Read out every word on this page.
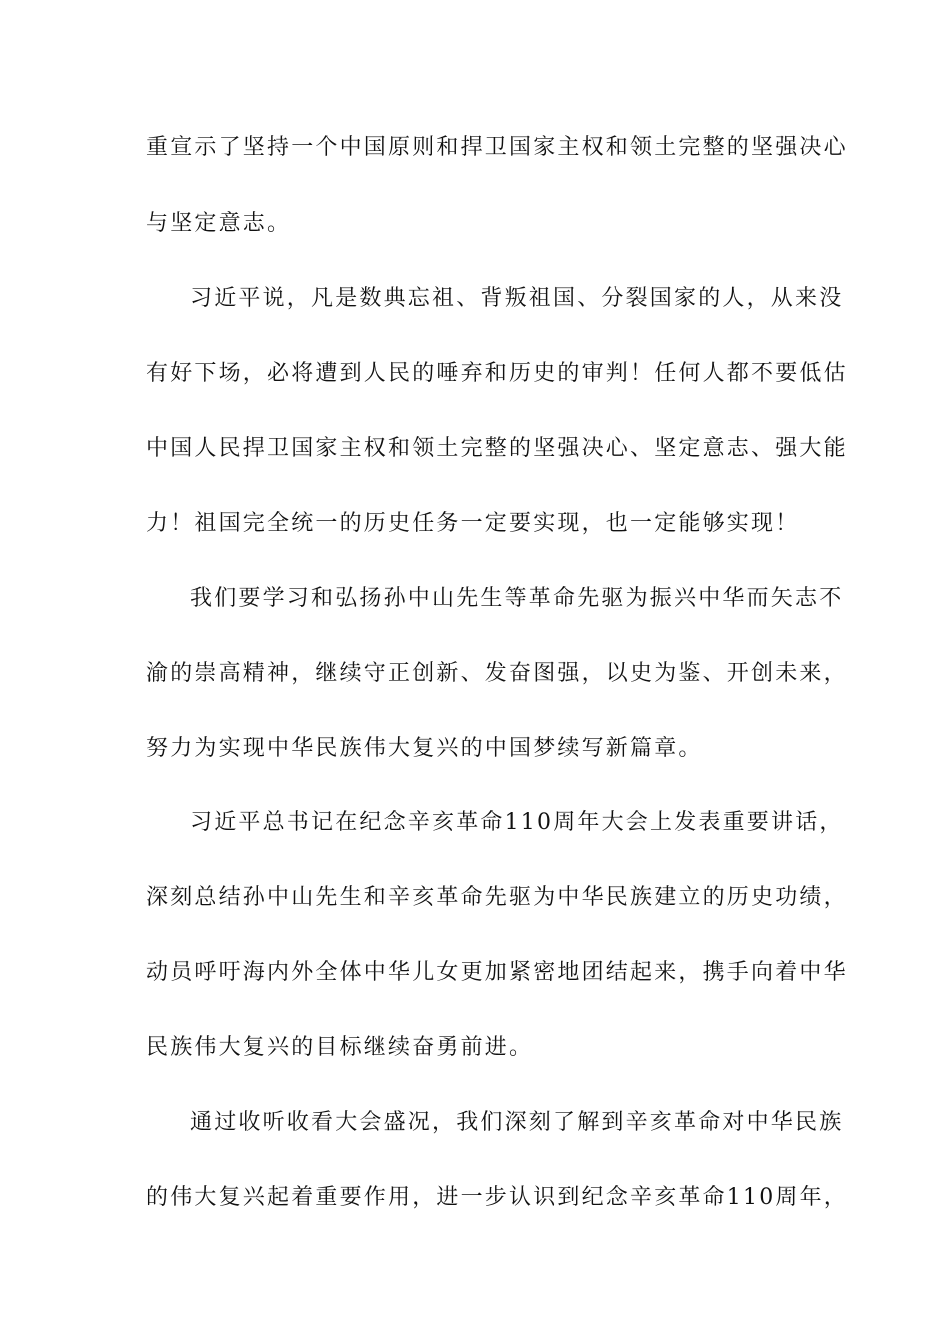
重宣示了坚持一个中国原则和捍卫国家主权和领土完整的坚强决心
与坚定意志。
习近平说，凡是数典忘祖、背叛祖国、分裂国家的人，从来没
有好下场，必将遭到人民的唾弃和历史的审判！任何人都不要低估
中国人民捍卫国家主权和领土完整的坚强决心、坚定意志、强大能
力！祖国完全统一的历史任务一定要实现，也一定能够实现！
我们要学习和弘扬孙中山先生等革命先驱为振兴中华而矢志不
渝的崇高精神，继续守正创新、发奋图强，以史为鉴、开创未来，
努力为实现中华民族伟大复兴的中国梦续写新篇章。
习近平总书记在纪念辛亥革命110周年大会上发表重要讲话，
深刻总结孙中山先生和辛亥革命先驱为中华民族建立的历史功绩，
动员呼吁海内外全体中华儿女更加紧密地团结起来，携手向着中华
民族伟大复兴的目标继续奋勇前进。
通过收听收看大会盛况，我们深刻了解到辛亥革命对中华民族
的伟大复兴起着重要作用，进一步认识到纪念辛亥革命110周年，
